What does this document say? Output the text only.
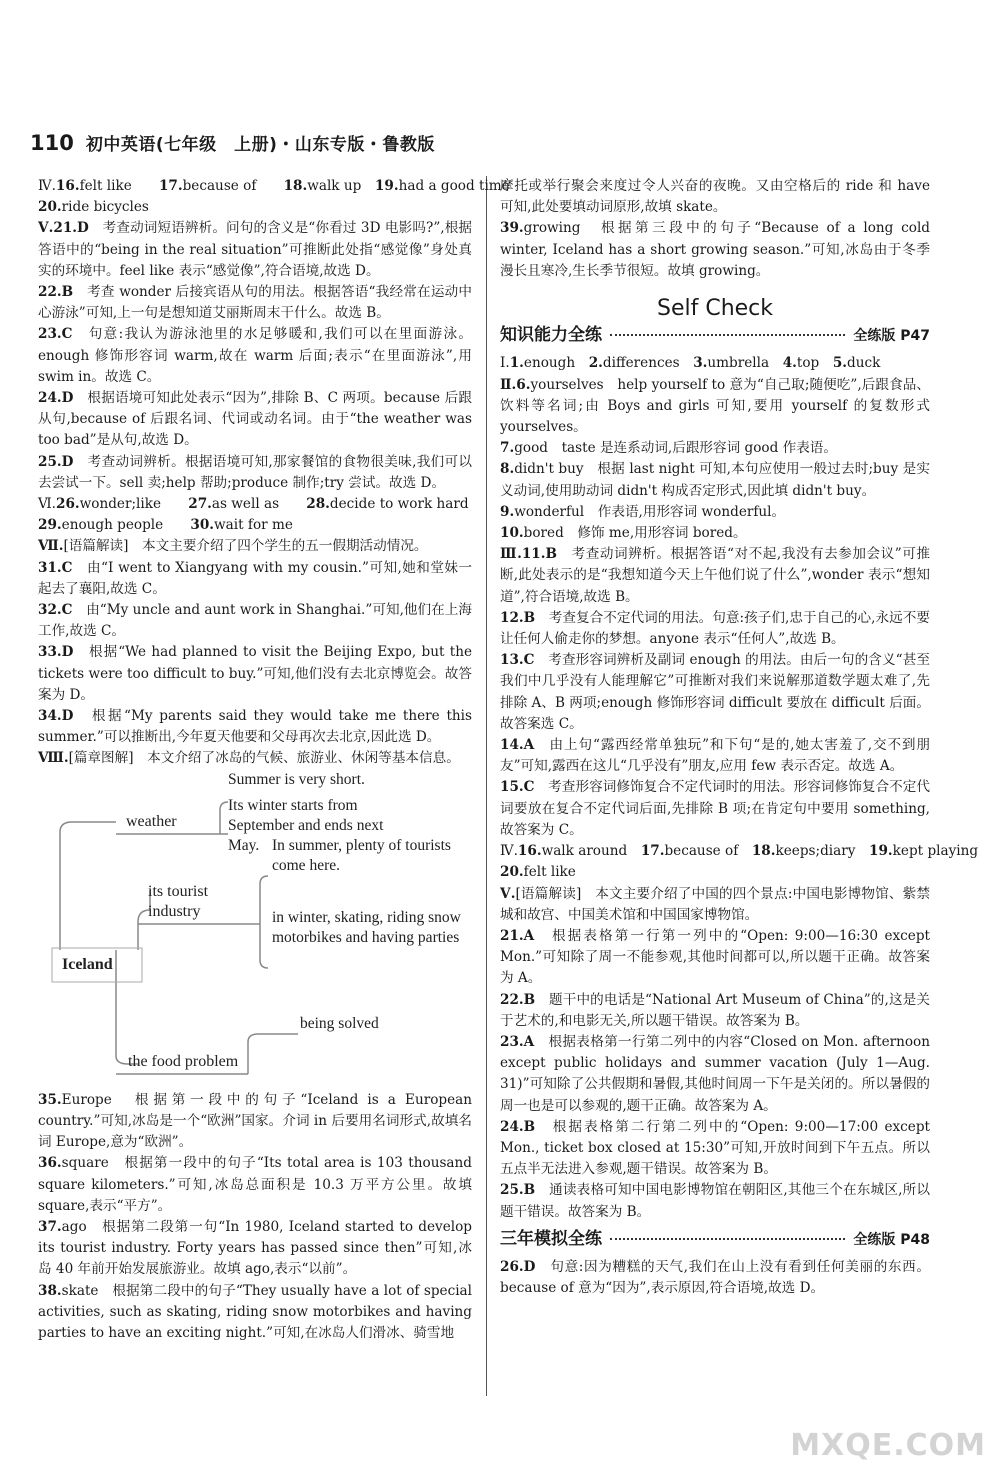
110 初中英语(七年级　上册)・山东专版・鲁教版
Ⅳ.16.felt like　　17.because of　　18.walk up　19.had a good time
20.ride bicycles
Ⅴ.21.D　考查动词短语辨析。问句的含义是“你看过 3D 电影吗?”,根据答语中的“being in the real situation”可推断此处指“感觉像”身处真实的环境中。feel like 表示“感觉像”,符合语境,故选 D。
22.B　考查 wonder 后接宾语从句的用法。根据答语“我经常在运动中心游泳”可知,上一句是想知道艾丽斯周末干什么。故选 B。
23.C　句意:我认为游泳池里的水足够暖和,我们可以在里面游泳。enough 修饰形容词 warm,故在 warm 后面;表示“在里面游泳”,用 swim in。故选 C。
24.D　根据语境可知此处表示“因为”,排除 B、C 两项。because 后跟从句,because of 后跟名词、代词或动名词。由于“the weather was too bad”是从句,故选 D。
25.D　考查动词辨析。根据语境可知,那家餐馆的食物很美味,我们可以去尝试一下。sell 卖;help 帮助;produce 制作;try 尝试。故选 D。
Ⅵ.26.wonder;like　　27.as well as　　28.decide to work hard
29.enough people　　30.wait for me
Ⅶ.[语篇解读]　本文主要介绍了四个学生的五一假期活动情况。
31.C　由“I went to Xiangyang with my cousin.”可知,她和堂妹一起去了襄阳,故选 C。
32.C　由“My uncle and aunt work in Shanghai.”可知,他们在上海工作,故选 C。
33.D　根据“We had planned to visit the Beijing Expo, but the tickets were too difficult to buy.”可知,他们没有去北京博览会。故答案为 D。
34.D　根据“My parents said they would take me there this summer.”可以推断出,今年夏天他要和父母再次去北京,因此选 D。
Ⅷ.[篇章图解]　本文介绍了冰岛的气候、旅游业、休闲等基本信息。
Iceland
weather
Summer is very short.
Its winter starts from September and ends next May.
its tourist industry
In summer, plenty of tourists come here.
in winter, skating, riding snow motorbikes and having parties
the food problem
being solved
35.Europe　根据第一段中的句子“Iceland is a European country.”可知,冰岛是一个“欧洲”国家。介词 in 后要用名词形式,故填名词 Europe,意为“欧洲”。
36.square　根据第一段中的句子“Its total area is 103 thousand square kilometers.”可知,冰岛总面积是 10.3 万平方公里。故填 square,表示“平方”。
37.ago　根据第二段第一句“In 1980, Iceland started to develop its tourist industry. Forty years has passed since then”可知,冰岛 40 年前开始发展旅游业。故填 ago,表示“以前”。
38.skate　根据第二段中的句子“They usually have a lot of special activities, such as skating, riding snow motorbikes and having parties to have an exciting night.”可知,在冰岛人们滑冰、骑雪地
摩托或举行聚会来度过令人兴奋的夜晚。又由空格后的 ride 和 have 可知,此处要填动词原形,故填 skate。
39.growing　根据第三段中的句子“Because of a long cold winter, Iceland has a short growing season.”可知,冰岛由于冬季漫长且寒冷,生长季节很短。故填 growing。
Self Check
知识能力全练	全练版 P47
Ⅰ.1.enough　2.differences　3.umbrella　4.top　5.duck
Ⅱ.6.yourselves　help yourself to 意为“自己取;随便吃”,后跟食品、饮料等名词;由 Boys and girls 可知,要用 yourself 的复数形式 yourselves。
7.good　taste 是连系动词,后跟形容词 good 作表语。
8.didn't buy　根据 last night 可知,本句应使用一般过去时;buy 是实义动词,使用助动词 didn't 构成否定形式,因此填 didn't buy。
9.wonderful　作表语,用形容词 wonderful。
10.bored　修饰 me,用形容词 bored。
Ⅲ.11.B　考查动词辨析。根据答语“对不起,我没有去参加会议”可推断,此处表示的是“我想知道今天上午他们说了什么”,wonder 表示“想知道”,符合语境,故选 B。
12.B　考查复合不定代词的用法。句意:孩子们,忠于自己的心,永远不要让任何人偷走你的梦想。anyone 表示“任何人”,故选 B。
13.C　考查形容词辨析及副词 enough 的用法。由后一句的含义“甚至我们中几乎没有人能理解它”可推断对我们来说解那道数学题太难了,先排除 A、B 两项;enough 修饰形容词 difficult 要放在 difficult 后面。故答案选 C。
14.A　由上句“露西经常单独玩”和下句“是的,她太害羞了,交不到朋友”可知,露西在这儿“几乎没有”朋友,应用 few 表示否定。故选 A。
15.C　考查形容词修饰复合不定代词时的用法。形容词修饰复合不定代词要放在复合不定代词后面,先排除 B 项;在肯定句中要用 something,故答案为 C。
Ⅳ.16.walk around　17.because of　18.keeps;diary　19.kept playing
20.felt like
Ⅴ.[语篇解读]　本文主要介绍了中国的四个景点:中国电影博物馆、紫禁城和故宫、中国美术馆和中国国家博物馆。
21.A　根据表格第一行第一列中的“Open: 9:00—16:30 except Mon.”可知除了周一不能参观,其他时间都可以,所以题干正确。故答案为 A。
22.B　题干中的电话是“National Art Museum of China”的,这是关于艺术的,和电影无关,所以题干错误。故答案为 B。
23.A　根据表格第一行第二列中的内容“Closed on Mon. afternoon except public holidays and summer vacation (July 1—Aug. 31)”可知除了公共假期和暑假,其他时间周一下午是关闭的。所以暑假的周一也是可以参观的,题干正确。故答案为 A。
24.B　根据表格第二行第二列中的“Open: 9:00—17:00 except Mon., ticket box closed at 15:30”可知,开放时间到下午五点。所以五点半无法进入参观,题干错误。故答案为 B。
25.B　通读表格可知中国电影博物馆在朝阳区,其他三个在东城区,所以题干错误。故答案为 B。
三年模拟全练	全练版 P48
26.D　句意:因为糟糕的天气,我们在山上没有看到任何美丽的东西。because of 意为“因为”,表示原因,符合语境,故选 D。
MXQE.COM
